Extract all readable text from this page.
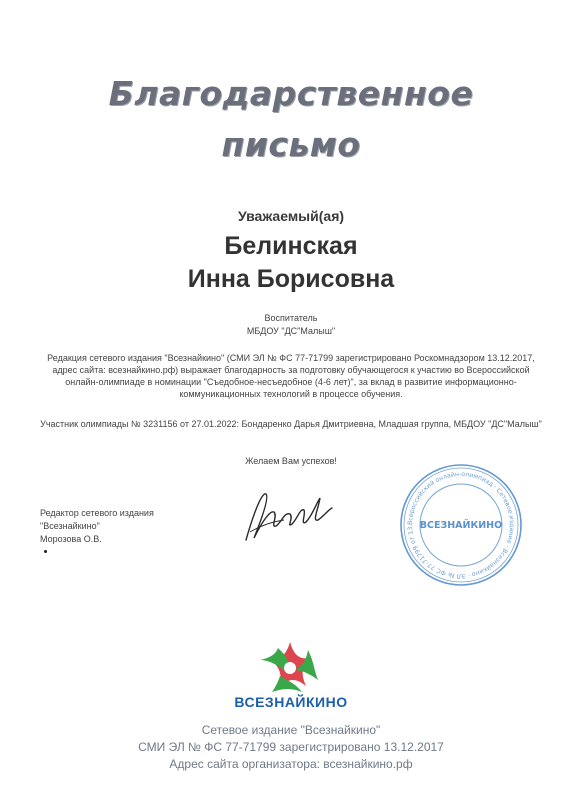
Благодарственное
письмо
Уважаемый(ая)
Белинская
Инна Борисовна
Воспитатель
МБДОУ "ДС"Малыш"
Редакция сетевого издания "Всезнайкино" (СМИ ЭЛ № ФС 77-71799 зарегистрировано Роскомнадзором 13.12.2017, адрес сайта: всезнайкино.рф) выражает благодарность за подготовку обучающегося к участию во Всероссийской онлайн-олимпиаде в номинации "Съедобное-несъедобное (4-6 лет)", за вклад в развитие информационно-коммуникационных технологий в процессе обучения.
Участник олимпиады № 3231156 от 27.01.2022: Бондаренко Дарья Дмитриевна, Младшая группа, МБДОУ "ДС"Малыш"
Желаем Вам успехов!
Редактор сетевого издания
"Всезнайкино"
Морозова О.В.
Всероссийский онлайн-олимпиад · Сетевое издание · Всезнайкино · ЭЛ № ФС 77-71799 от 13. ВСЕЗНАЙКИНО
ВСЕЗНАЙКИНО
Сетевое издание "Всезнайкино"
СМИ ЭЛ № ФС 77-71799 зарегистрировано 13.12.2017
Адрес сайта организатора: всезнайкино.рф
